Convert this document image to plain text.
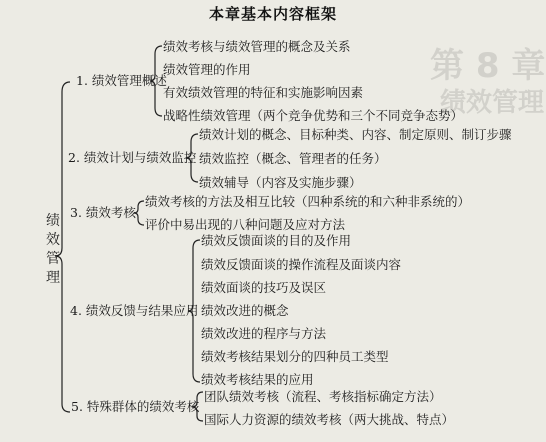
第 8 章
绩效管理
本章基本内容框架
绩
效
管
理
1. 绩效管理概述
2. 绩效计划与绩效监控
3. 绩效考核
4. 绩效反馈与结果应用
5. 特殊群体的绩效考核
绩效考核与绩效管理的概念及关系
绩效管理的作用
有效绩效管理的特征和实施影响因素
战略性绩效管理（两个竞争优势和三个不同竞争态势）
绩效计划的概念、目标种类、内容、制定原则、制订步骤
绩效监控（概念、管理者的任务）
绩效辅导（内容及实施步骤）
绩效考核的方法及相互比较（四种系统的和六种非系统的）
评价中易出现的八种问题及应对方法
绩效反馈面谈的目的及作用
绩效反馈面谈的操作流程及面谈内容
绩效面谈的技巧及误区
绩效改进的概念
绩效改进的程序与方法
绩效考核结果划分的四种员工类型
绩效考核结果的应用
团队绩效考核（流程、考核指标确定方法）
国际人力资源的绩效考核（两大挑战、特点）
